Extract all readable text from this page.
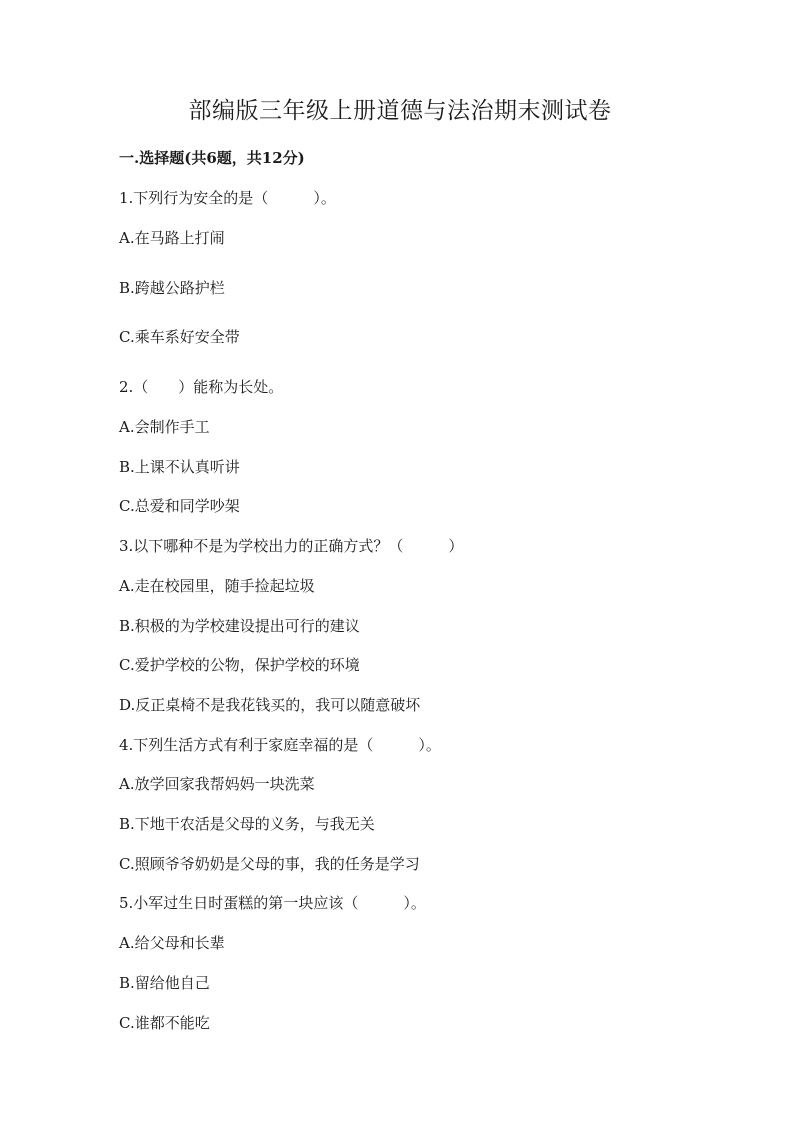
部编版三年级上册道德与法治期末测试卷
一.选择题(共6题，共12分)
1.下列行为安全的是（　　　）。
A.在马路上打闹
B.跨越公路护栏
C.乘车系好安全带
2.（　　）能称为长处。
A.会制作手工
B.上课不认真听讲
C.总爱和同学吵架
3.以下哪种不是为学校出力的正确方式？（　　　）
A.走在校园里，随手捡起垃圾
B.积极的为学校建设提出可行的建议
C.爱护学校的公物，保护学校的环境
D.反正桌椅不是我花钱买的，我可以随意破坏
4.下列生活方式有利于家庭幸福的是（　　　）。
A.放学回家我帮妈妈一块洗菜
B.下地干农活是父母的义务，与我无关
C.照顾爷爷奶奶是父母的事，我的任务是学习
5.小军过生日时蛋糕的第一块应该（　　　）。
A.给父母和长辈
B.留给他自己
C.谁都不能吃
